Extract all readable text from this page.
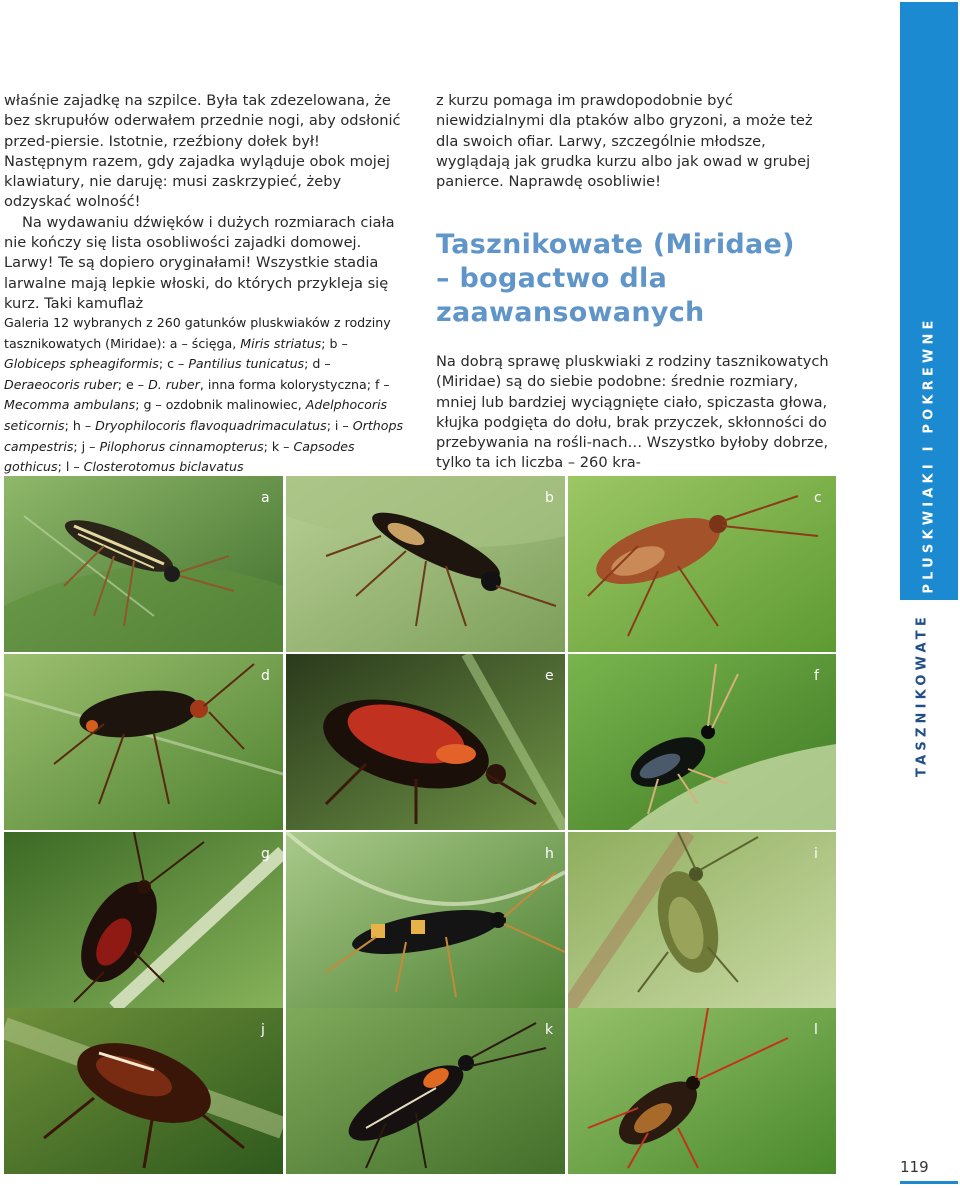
właśnie zajadkę na szpilce. Była tak zdezelowana, że bez skrupułów oderwałem przednie nogi, aby odsłonić przed-piersie. Istotnie, rzeźbiony dołek był! Następnym razem, gdy zajadka wyląduje obok mojej klawiatury, nie daruję: musi zaskrzypieć, żeby odzyskać wolność!

Na wydawaniu dźwięków i dużych rozmiarach ciała nie kończy się lista osobliwości zajadki domowej. Larwy! Te są dopiero oryginałami! Wszystkie stadia larwalne mają lepkie włoski, do których przykleja się kurz. Taki kamuflaż

Galeria 12 wybranych z 260 gatunków pluskwiaków z rodziny tasznikowatych (Miridae): a – ścięga, Miris striatus; b – Globiceps spheagiformis; c – Pantilius tunicatus; d – Deraeocoris ruber; e – D. ruber, inna forma kolorystyczna; f – Mecomma ambulans; g – ozdobnik malinowiec, Adelphocoris seticornis; h – Dryophilocoris flavoquadrimaculatus; i – Orthops campestris; j – Pilophorus cinnamopterus; k – Capsodes gothicus; l – Closterotomus biclavatus

z kurzu pomaga im prawdopodobnie być niewidzialnymi dla ptaków albo gryzoni, a może też dla swoich ofiar. Larwy, szczególnie młodsze, wyglądają jak grudka kurzu albo jak owad w grubej panierce. Naprawdę osobliwie!

Tasznikowate (Miridae)
– bogactwo dla
zaawansowanych

Na dobrą sprawę pluskwiaki z rodziny tasznikowatych (Miridae) są do siebie podobne: średnie rozmiary, mniej lub bardziej wyciągnięte ciało, spiczasta głowa, kłujka podgięta do dołu, brak przyczek, skłonności do przebywania na rośli-nach… Wszystko byłoby dobrze, tylko ta ich liczba – 260 kra-	PLUSKWIAKI I POKREWNE
TASZNIKOWATE
119
a	b	c
d	e	f
g	h	i
j	k	l
